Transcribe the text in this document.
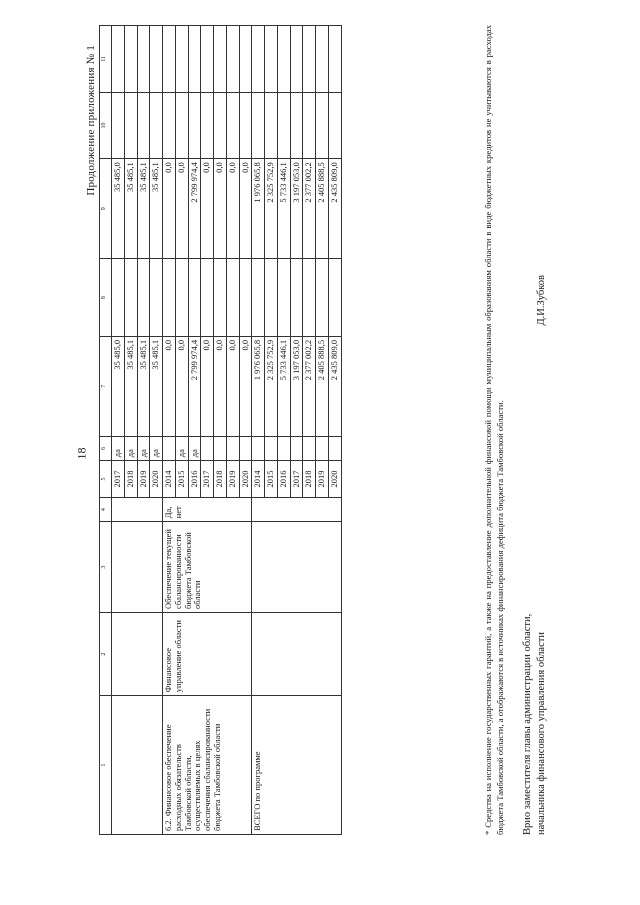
18
Продолжение приложения № 1
1	2	3	4	5	6	7	8	9	10	11
				2017	да	35 485,0		35 485,0		
				2018	да	35 485,1		35 485,1		
				2019	да	35 485,1		35 485,1		
				2020	да	35 485,1		35 485,1		
6.2. Финансовое обеспечение расходных обязательств Тамбовской области, осуществляемых в целях обеспечения сбалансированности бюджета Тамбовской области	Финансовое управление области	Обеспечение текущей сбалансированности бюджета Тамбовской области	Да, нет	2014		0,0		0,0		
				2015	да	0,0		0,0		
				2016	да	2 799 974,4		2 799 974,4		
				2017		0,0		0,0		
				2018		0,0		0,0		
				2019		0,0		0,0		
				2020		0,0		0,0		
ВСЕГО по программе				2014		1 976 065,8		1 976 065,8		
				2015		2 325 752,9		2 325 752,9		
				2016		5 733 446,1		5 733 446,1		
				2017		3 197 053,0		3 197 053,0		
				2018		2 377 002,2		2 377 002,2		
				2019		2 405 888,5		2 405 888,5		
				2020		2 435 809,0		2 435 809,0			* Средства на исполнение государственных гарантий, а также на предоставление дополнительной финансовой помощи муниципальным образованиям области в виде бюджетных кредитов не учитываются в расходах бюджета Тамбовской области, а отображаются в источниках финансирования дефицита бюджета Тамбовской области. Врио заместителя главы администрации области, начальника финансового управления области
Д.И.Зубков
